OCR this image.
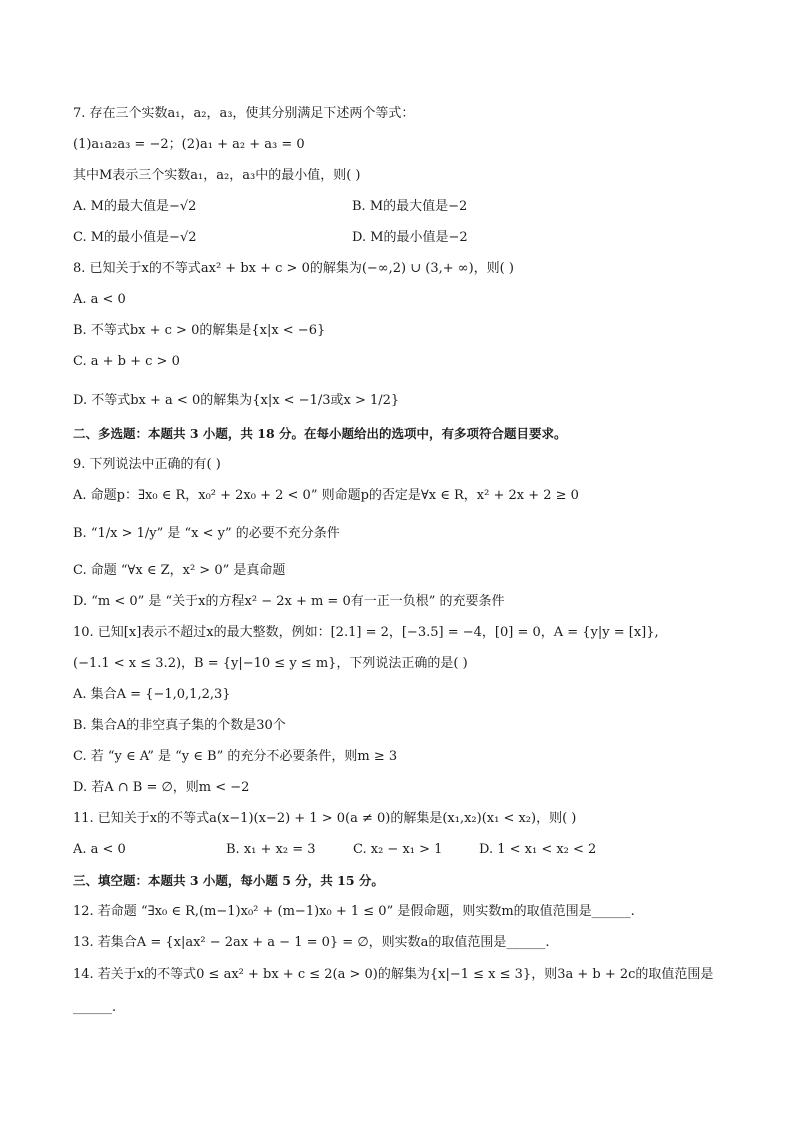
7. 存在三个实数a₁，a₂，a₃，使其分别满足下述两个等式：
(1)a₁a₂a₃ = −2；(2)a₁ + a₂ + a₃ = 0
其中M表示三个实数a₁，a₂，a₃中的最小值，则( )
A. M的最大值是−√2	B. M的最大值是−2
C. M的最小值是−√2	D. M的最小值是−2
8. 已知关于x的不等式ax² + bx + c > 0的解集为(−∞,2) ∪ (3,+ ∞)，则( )
A. a < 0
B. 不等式bx + c > 0的解集是{x|x < −6}
C. a + b + c > 0
D. 不等式bx + a < 0的解集为{x|x < −1/3或x > 1/2}
二、多选题：本题共 3 小题，共 18 分。在每小题给出的选项中，有多项符合题目要求。
9. 下列说法中正确的有( )
A. 命题p：∃x₀ ∈ R，x₀² + 2x₀ + 2 < 0” 则命题p的否定是∀x ∈ R，x² + 2x + 2 ≥ 0
B. “1/x > 1/y” 是 “x < y” 的必要不充分条件
C. 命题 “∀x ∈ Z，x² > 0” 是真命题
D. “m < 0” 是 “关于x的方程x² − 2x + m = 0有一正一负根” 的充要条件
10. 已知[x]表示不超过x的最大整数，例如：[2.1] = 2，[−3.5] = −4，[0] = 0，A = {y|y = [x]},
(−1.1 < x ≤ 3.2)，B = {y|−10 ≤ y ≤ m}，下列说法正确的是( )
A. 集合A = {−1,0,1,2,3}
B. 集合A的非空真子集的个数是30个
C. 若 “y ∈ A” 是 “y ∈ B” 的充分不必要条件，则m ≥ 3
D. 若A ∩ B = ∅，则m < −2
11. 已知关于x的不等式a(x−1)(x−2) + 1 > 0(a ≠ 0)的解集是(x₁,x₂)(x₁ < x₂)，则( )
A. a < 0	B. x₁ + x₂ = 3	C. x₂ − x₁ > 1	D. 1 < x₁ < x₂ < 2
三、填空题：本题共 3 小题，每小题 5 分，共 15 分。
12. 若命题 “∃x₀ ∈ R,(m−1)x₀² + (m−1)x₀ + 1 ≤ 0” 是假命题，则实数m的取值范围是______.
13. 若集合A = {x|ax² − 2ax + a − 1 = 0} = ∅，则实数a的取值范围是______.
14. 若关于x的不等式0 ≤ ax² + bx + c ≤ 2(a > 0)的解集为{x|−1 ≤ x ≤ 3}，则3a + b + 2c的取值范围是
______.
